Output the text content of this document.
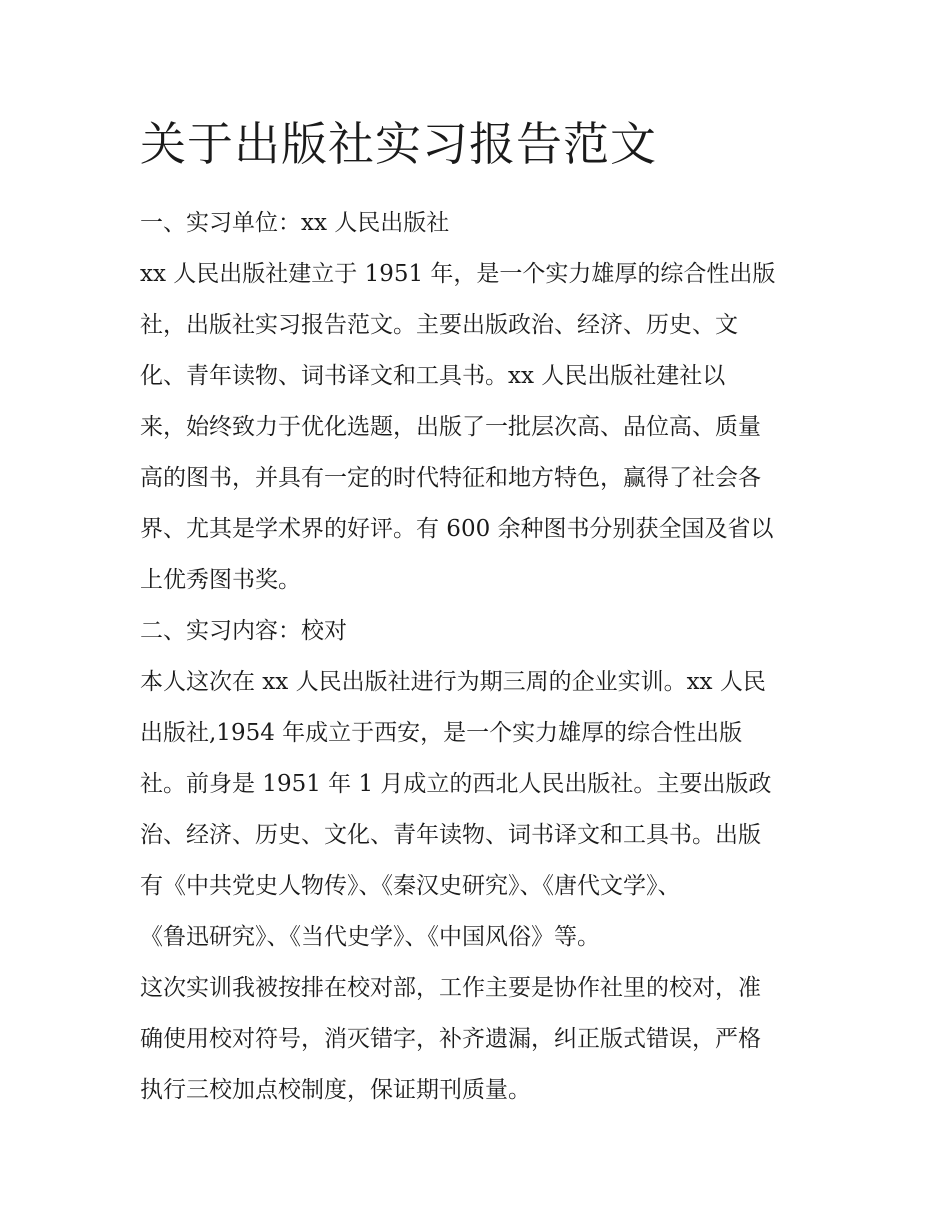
关于出版社实习报告范文
一、实习单位：xx 人民出版社
xx 人民出版社建立于 1951 年，是一个实力雄厚的综合性出版
社，出版社实习报告范文。主要出版政治、经济、历史、文
化、青年读物、词书译文和工具书。xx 人民出版社建社以
来，始终致力于优化选题，出版了一批层次高、品位高、质量
高的图书，并具有一定的时代特征和地方特色，赢得了社会各
界、尤其是学术界的好评。有 600 余种图书分别获全国及省以
上优秀图书奖。
二、实习内容：校对
本人这次在 xx 人民出版社进行为期三周的企业实训。xx 人民
出版社,1954 年成立于西安，是一个实力雄厚的综合性出版
社。前身是 1951 年 1 月成立的西北人民出版社。主要出版政
治、经济、历史、文化、青年读物、词书译文和工具书。出版
有《中共党史人物传》、《秦汉史研究》、《唐代文学》、
《鲁迅研究》、《当代史学》、《中国风俗》等。
这次实训我被按排在校对部，工作主要是协作社里的校对，准
确使用校对符号，消灭错字，补齐遗漏，纠正版式错误，严格
执行三校加点校制度，保证期刊质量。
